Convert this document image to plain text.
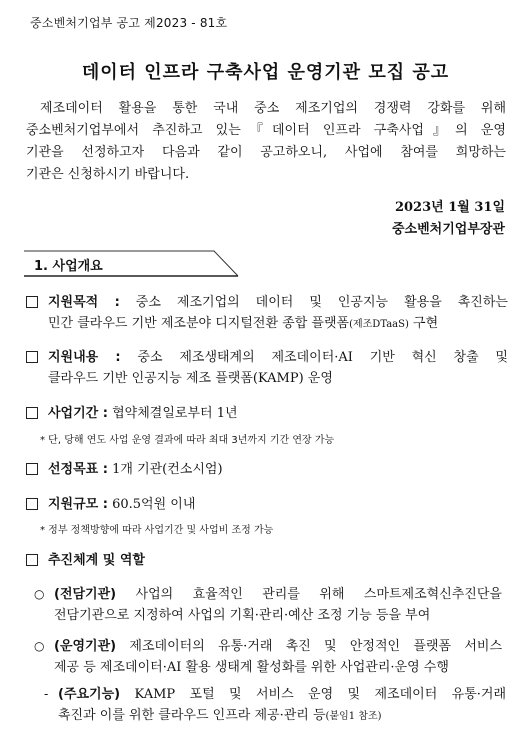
중소벤처기업부 공고 제2023 - 81호
데이터 인프라 구축사업 운영기관 모집 공고
제조데이터 활용을 통한 국내 중소 제조기업의 경쟁력 강화를 위해
중소벤처기업부에서 추진하고 있는『데이터 인프라 구축사업』의 운영
기관을 선정하고자 다음과 같이 공고하오니, 사업에 참여를 희망하는
기관은 신청하시기 바랍니다.
2023년 1월 31일
중소벤처기업부장관
1. 사업개요
지원목적 : 중소 제조기업의 데이터 및 인공지능 활용을 촉진하는
민간 클라우드 기반 제조분야 디지털전환 종합 플랫폼(제조DTaaS) 구현
지원내용 : 중소 제조생태계의 제조데이터·AI 기반 혁신 창출 및
클라우드 기반 인공지능 제조 플랫폼(KAMP) 운영
사업기간 : 협약체결일로부터 1년
* 단, 당해 연도 사업 운영 결과에 따라 최대 3년까지 기간 연장 가능
선정목표 : 1개 기관(컨소시엄)
지원규모 : 60.5억원 이내
* 정부 정책방향에 따라 사업기간 및 사업비 조정 가능
추진체계 및 역할
○ (전담기관) 사업의 효율적인 관리를 위해 스마트제조혁신추진단을
전담기관으로 지정하여 사업의 기획·관리·예산 조정 기능 등을 부여
○ (운영기관) 제조데이터의 유통·거래 촉진 및 안정적인 플랫폼 서비스
제공 등 제조데이터·AI 활용 생태계 활성화를 위한 사업관리·운영 수행
- (주요기능) KAMP 포털 및 서비스 운영 및 제조데이터 유통·거래
촉진과 이를 위한 클라우드 인프라 제공·관리 등(붙임1 참조)
